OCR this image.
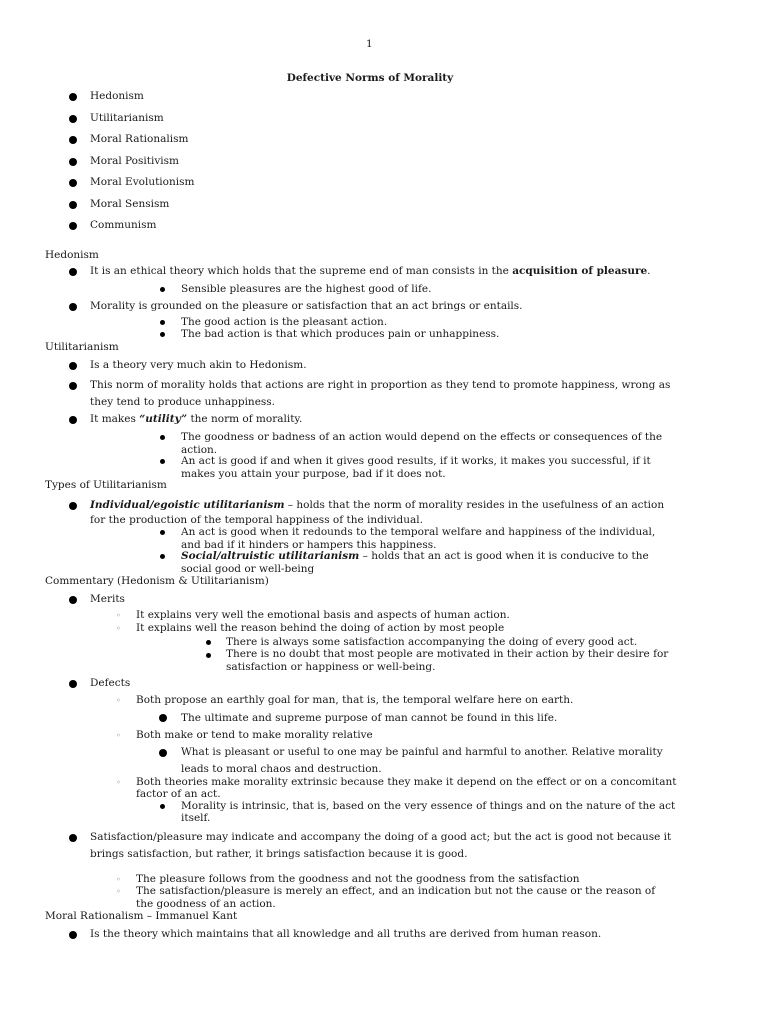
1
Defective Norms of Morality
Hedonism
Utilitarianism
Moral Rationalism
Moral Positivism
Moral Evolutionism
Moral Sensism
Communism
Hedonism
It is an ethical theory which holds that the supreme end of man consists in the acquisition of pleasure.
Sensible pleasures are the highest good of life.
Morality is grounded on the pleasure or satisfaction that an act brings or entails.
The good action is the pleasant action.
The bad action is that which produces pain or unhappiness.
Utilitarianism
Is a theory very much akin to Hedonism.
This norm of morality holds that actions are right in proportion as they tend to promote happiness, wrong as
they tend to produce unhappiness.
It makes “utility” the norm of morality.
The goodness or badness of an action would depend on the effects or consequences of the
action.
An act is good if and when it gives good results, if it works, it makes you successful, if it
makes you attain your purpose, bad if it does not.
Types of Utilitarianism
Individual/egoistic utilitarianism – holds that the norm of morality resides in the usefulness of an action
for the production of the temporal happiness of the individual.
An act is good when it redounds to the temporal welfare and happiness of the individual,
and bad if it hinders or hampers this happiness.
Social/altruistic utilitarianism – holds that an act is good when it is conducive to the
social good or well-being
Commentary (Hedonism & Utilitarianism)
Merits
◦ It explains very well the emotional basis and aspects of human action.
◦ It explains well the reason behind the doing of action by most people
There is always some satisfaction accompanying the doing of every good act.
There is no doubt that most people are motivated in their action by their desire for
satisfaction or happiness or well-being.
Defects
◦ Both propose an earthly goal for man, that is, the temporal welfare here on earth.
The ultimate and supreme purpose of man cannot be found in this life.
◦ Both make or tend to make morality relative
What is pleasant or useful to one may be painful and harmful to another. Relative morality
leads to moral chaos and destruction.
◦ Both theories make morality extrinsic because they make it depend on the effect or on a concomitant
factor of an act.
Morality is intrinsic, that is, based on the very essence of things and on the nature of the act
itself.
Satisfaction/pleasure may indicate and accompany the doing of a good act; but the act is good not because it
brings satisfaction, but rather, it brings satisfaction because it is good.
◦ The pleasure follows from the goodness and not the goodness from the satisfaction
◦ The satisfaction/pleasure is merely an effect, and an indication but not the cause or the reason of
the goodness of an action.
Moral Rationalism – Immanuel Kant
Is the theory which maintains that all knowledge and all truths are derived from human reason.
